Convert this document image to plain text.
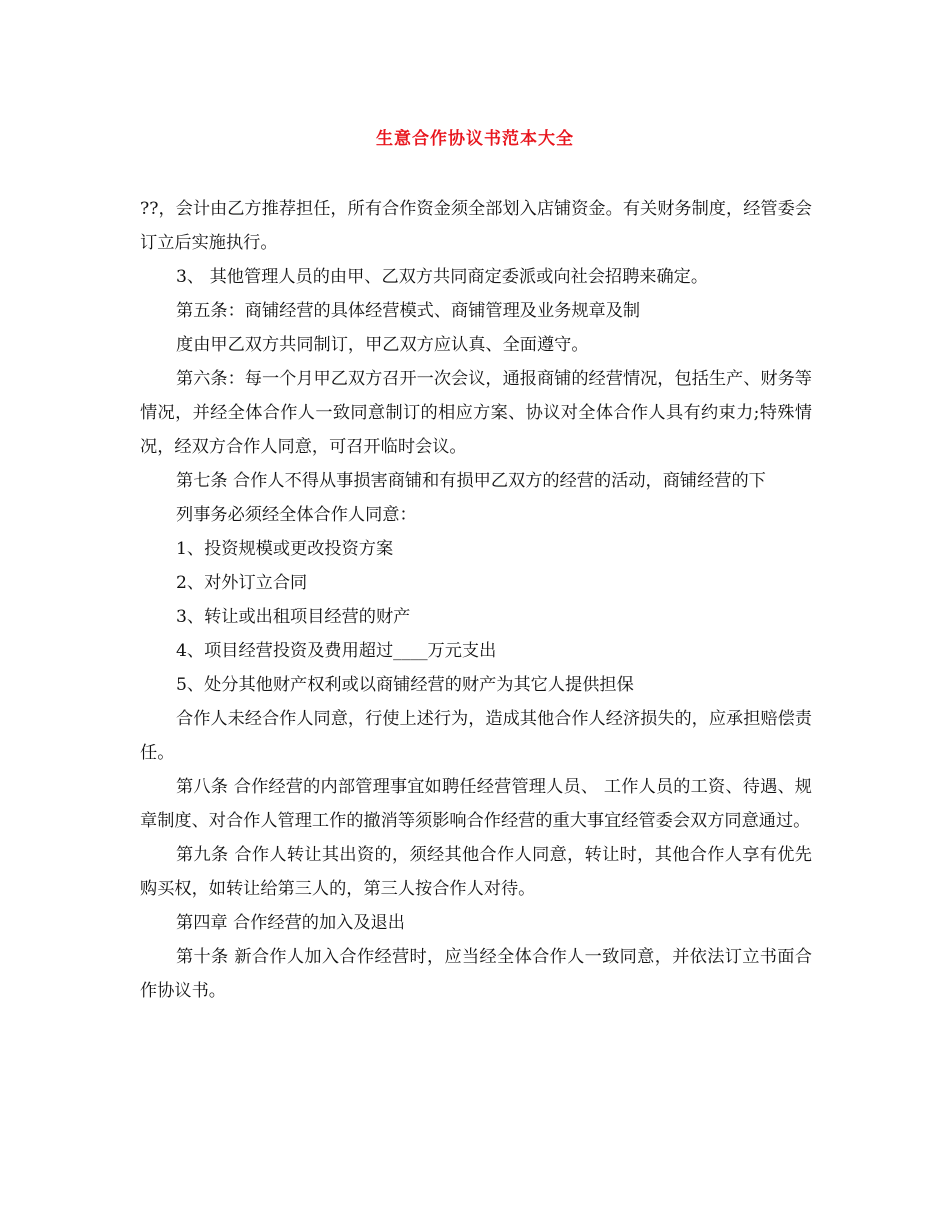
生意合作协议书范本大全

??，会计由乙方推荐担任，所有合作资金须全部划入店铺资金。有关财务制度，经管委会订立后实施执行。

3、 其他管理人员的由甲、乙双方共同商定委派或向社会招聘来确定。

第五条：商铺经营的具体经营模式、商铺管理及业务规章及制

度由甲乙双方共同制订，甲乙双方应认真、全面遵守。

第六条：每一个月甲乙双方召开一次会议，通报商铺的经营情况，包括生产、财务等情况，并经全体合作人一致同意制订的相应方案、协议对全体合作人具有约束力;特殊情况，经双方合作人同意，可召开临时会议。

第七条 合作人不得从事损害商铺和有损甲乙双方的经营的活动，商铺经营的下

列事务必须经全体合作人同意：

1、投资规模或更改投资方案

2、对外订立合同

3、转让或出租项目经营的财产

4、项目经营投资及费用超过____万元支出

5、处分其他财产权利或以商铺经营的财产为其它人提供担保

合作人未经合作人同意，行使上述行为，造成其他合作人经济损失的，应承担赔偿责任。

第八条 合作经营的内部管理事宜如聘任经营管理人员、 工作人员的工资、待遇、规章制度、对合作人管理工作的撤消等须影响合作经营的重大事宜经管委会双方同意通过。

第九条 合作人转让其出资的，须经其他合作人同意，转让时，其他合作人享有优先购买权，如转让给第三人的，第三人按合作人对待。

第四章 合作经营的加入及退出

第十条 新合作人加入合作经营时，应当经全体合作人一致同意，并依法订立书面合作协议书。
